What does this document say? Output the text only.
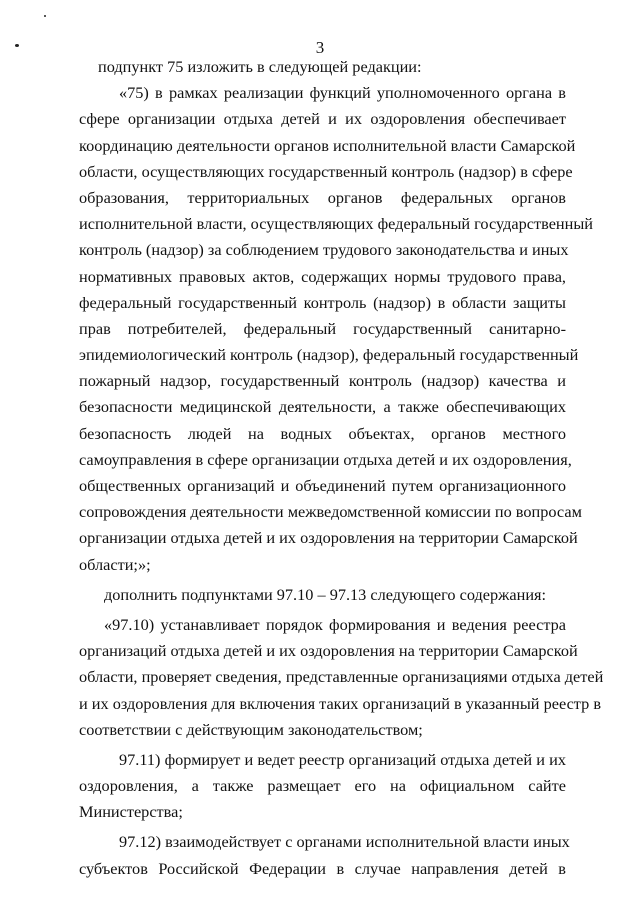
3
подпункт 75 изложить в следующей редакции:
«75) в рамках реализации функций уполномоченного органа в
сфере организации отдыха детей и их оздоровления обеспечивает
координацию деятельности органов исполнительной власти Самарской
области, осуществляющих государственный контроль (надзор) в сфере
образования, территориальных органов федеральных органов
исполнительной власти, осуществляющих федеральный государственный
контроль (надзор) за соблюдением трудового законодательства и иных
нормативных правовых актов, содержащих нормы трудового права,
федеральный государственный контроль (надзор) в области защиты
прав потребителей, федеральный государственный санитарно-
эпидемиологический контроль (надзор), федеральный государственный
пожарный надзор, государственный контроль (надзор) качества и
безопасности медицинской деятельности, а также обеспечивающих
безопасность людей на водных объектах, органов местного
самоуправления в сфере организации отдыха детей и их оздоровления,
общественных организаций и объединений путем организационного
сопровождения деятельности межведомственной комиссии по вопросам
организации отдыха детей и их оздоровления на территории Самарской
области;»;
дополнить подпунктами 97.10 – 97.13 следующего содержания:
«97.10) устанавливает порядок формирования и ведения реестра
организаций отдыха детей и их оздоровления на территории Самарской
области, проверяет сведения, представленные организациями отдыха детей
и их оздоровления для включения таких организаций в указанный реестр в
соответствии с действующим законодательством;
97.11) формирует и ведет реестр организаций отдыха детей и их
оздоровления, а также размещает его на официальном сайте
Министерства;
97.12) взаимодействует с органами исполнительной власти иных
субъектов Российской Федерации в случае направления детей в
